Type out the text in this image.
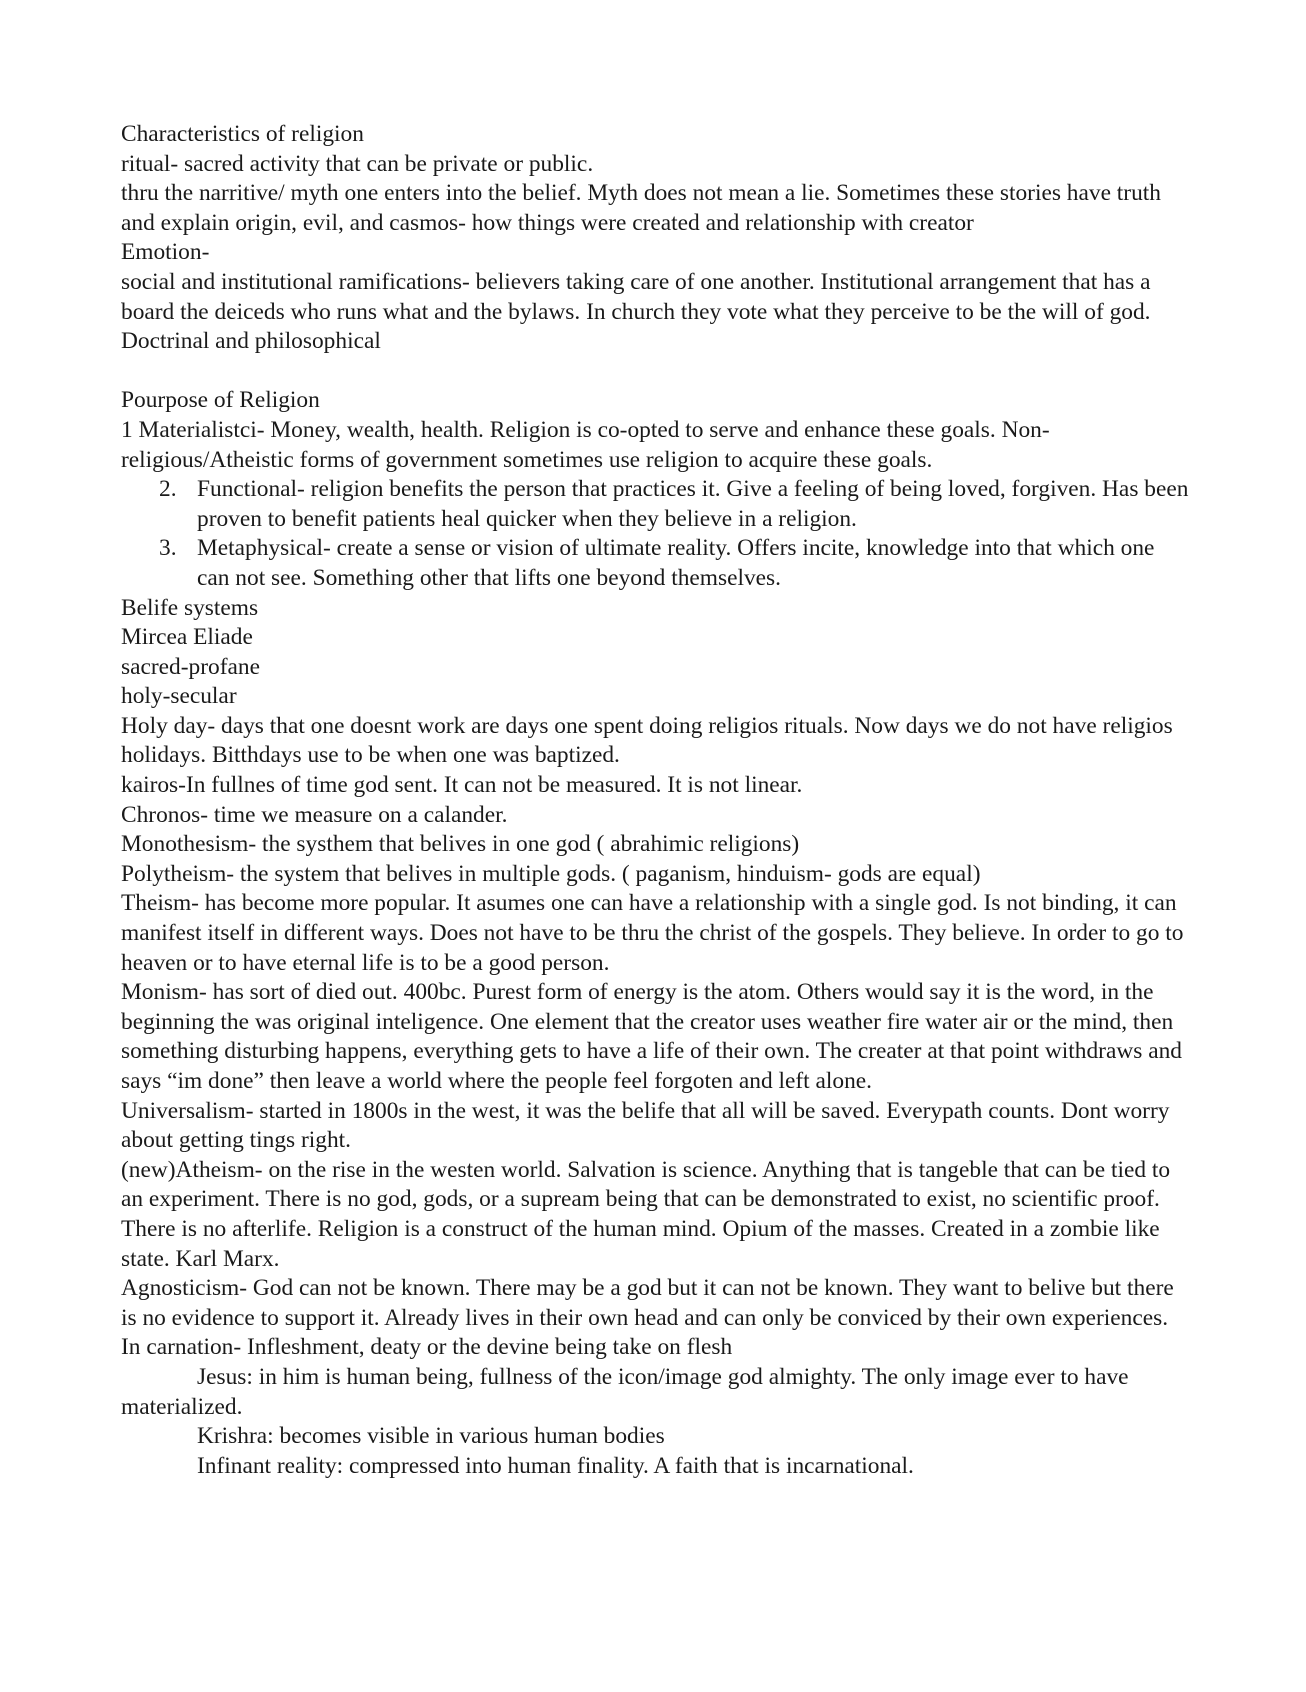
Characteristics of religion

ritual- sacred activity that can be private or public.

thru the narritive/ myth one enters into the belief. Myth does not mean a lie. Sometimes these stories have truth and explain origin, evil, and casmos- how things were created and relationship with creator

Emotion-

social and institutional ramifications- believers taking care of one another. Institutional arrangement that has a board the deiceds who runs what and the bylaws. In church they vote what they perceive to be the will of god.

Doctrinal and philosophical

Pourpose of Religion

1 Materialistci- Money, wealth, health. Religion is co-opted to serve and enhance these goals. Non-religious/Atheistic forms of government sometimes use religion to acquire these goals.

2. Functional- religion benefits the person that practices it. Give a feeling of being loved, forgiven. Has been proven to benefit patients heal quicker when they believe in a religion.
3. Metaphysical- create a sense or vision of ultimate reality. Offers incite, knowledge into that which one can not see. Something other that lifts one beyond themselves.

Belife systems

Mircea Eliade

sacred-profane

holy-secular

Holy day- days that one doesnt work are days one spent doing religios rituals. Now days we do not have religios holidays. Bitthdays use to be when one was baptized.

kairos-In fullnes of time god sent. It can not be measured. It is not linear.

Chronos- time we measure on a calander.

Monothesism- the systhem that belives in one god ( abrahimic religions)

Polytheism- the system that belives in multiple gods. ( paganism, hinduism- gods are equal)

Theism- has become more popular. It asumes one can have a relationship with a single god. Is not binding, it can manifest itself in different ways. Does not have to be thru the christ of the gospels. They believe. In order to go to heaven or to have eternal life is to be a good person.

Monism- has sort of died out. 400bc. Purest form of energy is the atom. Others would say it is the word, in the beginning the was original inteligence. One element that the creator uses weather fire water air or the mind, then something disturbing happens, everything gets to have a life of their own. The creater at that point withdraws and says “im done” then leave a world where the people feel forgoten and left alone.

Universalism- started in 1800s in the west, it was the belife that all will be saved. Everypath counts. Dont worry about getting tings right.

(new)Atheism- on the rise in the westen world. Salvation is science. Anything that is tangeble that can be tied to an experiment. There is no god, gods, or a supream being that can be demonstrated to exist, no scientific proof. There is no afterlife. Religion is a construct of the human mind. Opium of the masses. Created in a zombie like state. Karl Marx.

Agnosticism- God can not be known. There may be a god but it can not be known. They want to belive but there is no evidence to support it. Already lives in their own head and can only be conviced by their own experiences.

In carnation- Infleshment, deaty or the devine being take on flesh

Jesus: in him is human being, fullness of the icon/image god almighty. The only image ever to have materialized.

Krishra: becomes visible in various human bodies

Infinant reality: compressed into human finality. A faith that is incarnational.
